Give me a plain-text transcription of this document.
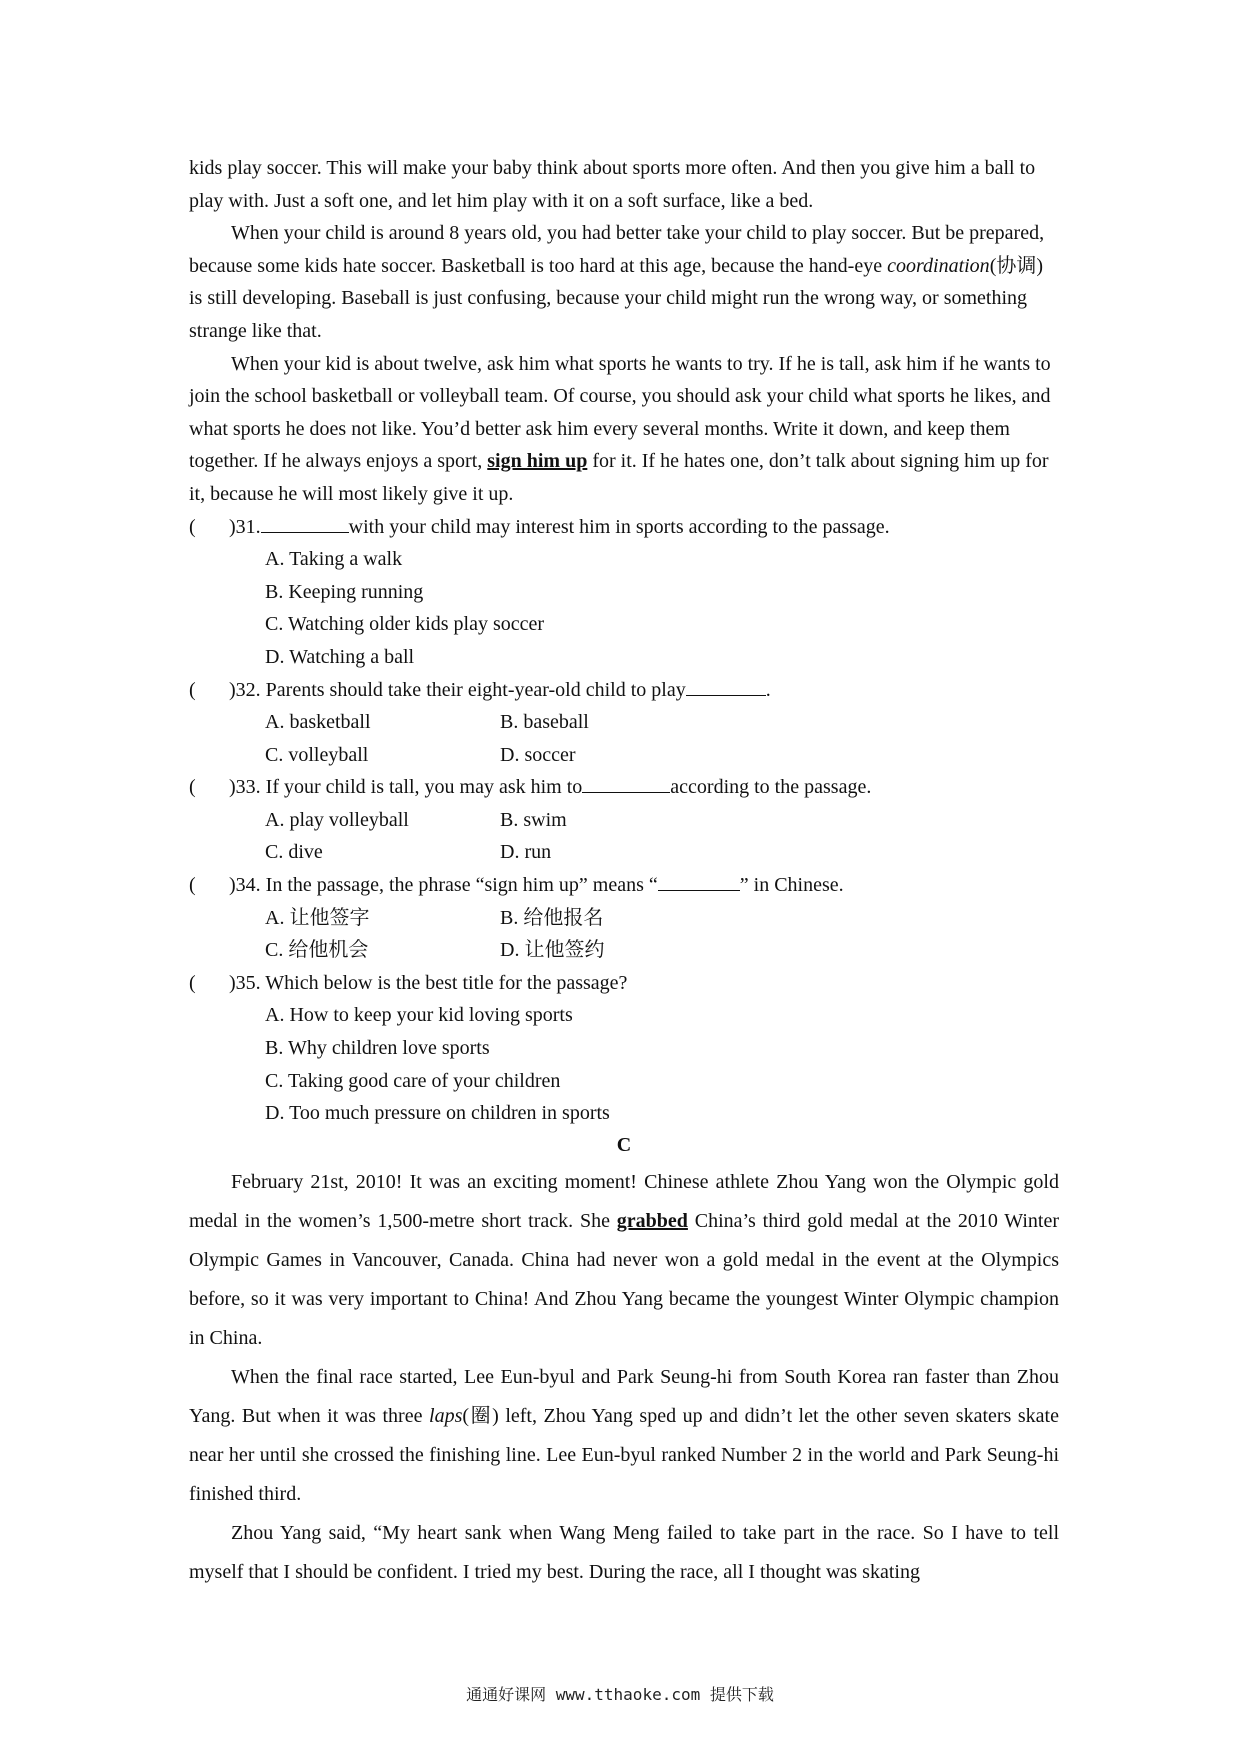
kids play soccer. This will make your baby think about sports more often. And then you give him a ball to play with. Just a soft one, and let him play with it on a soft surface, like a bed.

When your child is around 8 years old, you had better take your child to play soccer. But be prepared, because some kids hate soccer. Basketball is too hard at this age, because the hand-eye coordination(协调) is still developing. Baseball is just confusing, because your child might run the wrong way, or something strange like that.

When your kid is about twelve, ask him what sports he wants to try. If he is tall, ask him if he wants to join the school basketball or volleyball team. Of course, you should ask your child what sports he likes, and what sports he does not like. You’d better ask him every several months. Write it down, and keep them together. If he always enjoys a sport, sign him up for it. If he hates one, don’t talk about signing him up for it, because he will most likely give it up.

( )31.	with your child may interest him in sports according to the passage.
A. Taking a walk
B. Keeping running
C. Watching older kids play soccer
D. Watching a ball
( )32. Parents should take their eight-year-old child to play	.
A. basketball	B. baseball
C. volleyball	D. soccer
( )33. If your child is tall, you may ask him to	according to the passage.
A. play volleyball	B. swim
C. dive	D. run
( )34. In the passage, the phrase “sign him up” means “	” in Chinese.
A. 让他签字	B. 给他报名
C. 给他机会	D. 让他签约
( )35. Which below is the best title for the passage?
A. How to keep your kid loving sports
B. Why children love sports
C. Taking good care of your children
D. Too much pressure on children in sports
C

February 21st, 2010! It was an exciting moment! Chinese athlete Zhou Yang won the Olympic gold medal in the women’s 1,500-metre short track. She grabbed China’s third gold medal at the 2010 Winter Olympic Games in Vancouver, Canada. China had never won a gold medal in the event at the Olympics before, so it was very important to China! And Zhou Yang became the youngest Winter Olympic champion in China.

When the final race started, Lee Eun-byul and Park Seung-hi from South Korea ran faster than Zhou Yang. But when it was three laps(圈) left, Zhou Yang sped up and didn’t let the other seven skaters skate near her until she crossed the finishing line. Lee Eun-byul ranked Number 2 in the world and Park Seung-hi finished third.

Zhou Yang said, “My heart sank when Wang Meng failed to take part in the race. So I have to tell myself that I should be confident. I tried my best. During the race, all I thought was skating

通通好课网 www.tthaoke.com 提供下载
